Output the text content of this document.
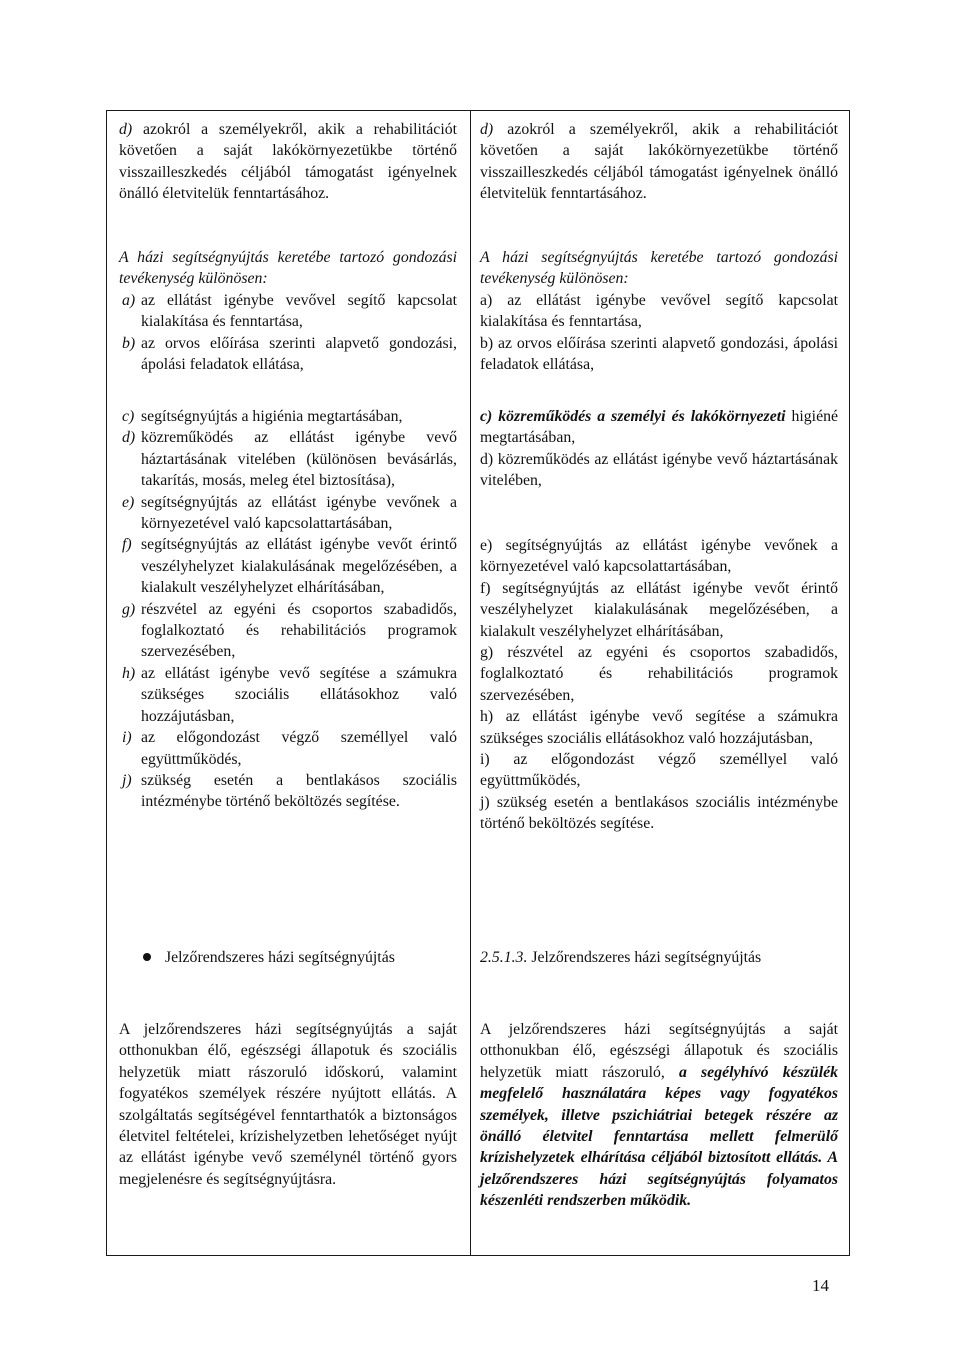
d) azokról a személyekről, akik a rehabilitációt követően a saját lakókörnyezetükbe történő visszailleszkedés céljából támogatást igényelnek önálló életvitelük fenntartásához.

A házi segítségnyújtás keretébe tartozó gondozási tevékenység különösen:

a) az ellátást igénybe vevővel segítő kapcsolat kialakítása és fenntartása,
b) az orvos előírása szerinti alapvető gondozási, ápolási feladatok ellátása,
c) segítségnyújtás a higiénia megtartásában,
d) közreműködés az ellátást igénybe vevő háztartásának vitelében (különösen bevásárlás, takarítás, mosás, meleg étel biztosítása),
e) segítségnyújtás az ellátást igénybe vevőnek a környezetével való kapcsolattartásában,
f) segítségnyújtás az ellátást igénybe vevőt érintő veszélyhelyzet kialakulásának megelőzésében, a kialakult veszélyhelyzet elhárításában,
g) részvétel az egyéni és csoportos szabadidős, foglalkoztató és rehabilitációs programok szervezésében,
h) az ellátást igénybe vevő segítése a számukra szükséges szociális ellátásokhoz való hozzájutásban,
i) az előgondozást végző személlyel való együttműködés,
j) szükség esetén a bentlakásos szociális intézménybe történő beköltözés segítése.

Jelzőrendszeres házi segítségnyújtás

A jelzőrendszeres házi segítségnyújtás a saját otthonukban élő, egészségi állapotuk és szociális helyzetük miatt rászoruló időskorú, valamint fogyatékos személyek részére nyújtott ellátás. A szolgáltatás segítségével fenntarthatók a biztonságos életvitel feltételei, krízishelyzetben lehetőséget nyújt az ellátást igénybe vevő személynél történő gyors megjelenésre és segítségnyújtásra.

d) azokról a személyekről, akik a rehabilitációt követően a saját lakókörnyezetükbe történő visszailleszkedés céljából támogatást igényelnek önálló életvitelük fenntartásához.

A házi segítségnyújtás keretébe tartozó gondozási tevékenység különösen:

a) az ellátást igénybe vevővel segítő kapcsolat kialakítása és fenntartása,

b) az orvos előírása szerinti alapvető gondozási, ápolási feladatok ellátása,

c) közreműködés a személyi és lakókörnyezeti higiéné megtartásában,

d) közreműködés az ellátást igénybe vevő háztartásának vitelében,

e) segítségnyújtás az ellátást igénybe vevőnek a környezetével való kapcsolattartásában,

f) segítségnyújtás az ellátást igénybe vevőt érintő veszélyhelyzet kialakulásának megelőzésében, a kialakult veszélyhelyzet elhárításában,

g) részvétel az egyéni és csoportos szabadidős, foglalkoztató és rehabilitációs programok szervezésében,

h) az ellátást igénybe vevő segítése a számukra szükséges szociális ellátásokhoz való hozzájutásban,

i) az előgondozást végző személlyel való együttműködés,

j) szükség esetén a bentlakásos szociális intézménybe történő beköltözés segítése.

2.5.1.3. Jelzőrendszeres házi segítségnyújtás

A jelzőrendszeres házi segítségnyújtás a saját otthonukban élő, egészségi állapotuk és szociális helyzetük miatt rászoruló, a segélyhívó készülék megfelelő használatára képes vagy fogyatékos személyek, illetve pszichiátriai betegek részére az önálló életvitel fenntartása mellett felmerülő krízishelyzetek elhárítása céljából biztosított ellátás. A jelzőrendszeres házi segítségnyújtás folyamatos készenléti rendszerben működik.

14
